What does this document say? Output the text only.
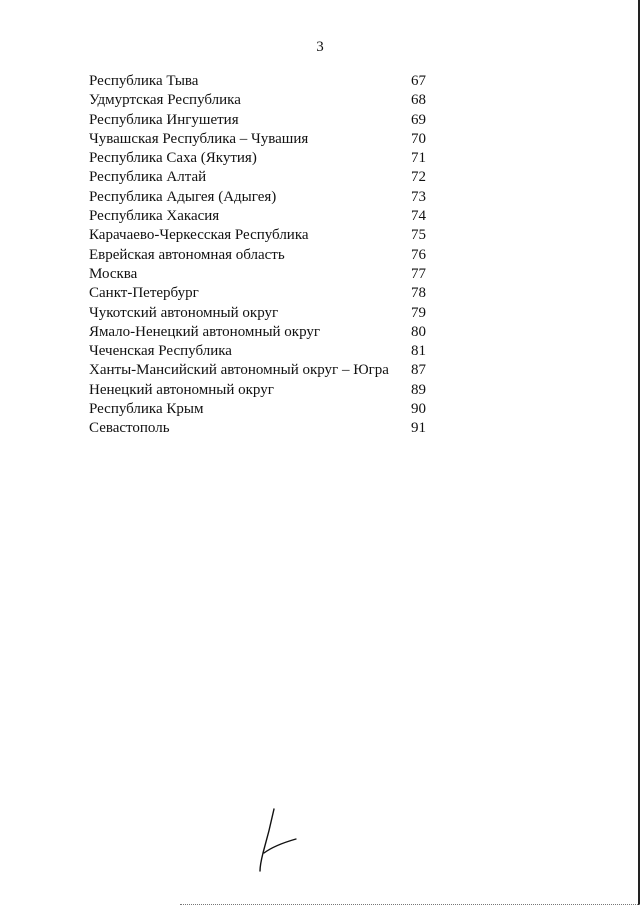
3
Республика Тыва	67
Удмуртская Республика	68
Республика Ингушетия	69
Чувашская Республика – Чувашия	70
Республика Саха (Якутия)	71
Республика Алтай	72
Республика Адыгея (Адыгея)	73
Республика Хакасия	74
Карачаево-Черкесская Республика	75
Еврейская автономная область	76
Москва	77
Санкт-Петербург	78
Чукотский автономный округ	79
Ямало-Ненецкий автономный округ	80
Чеченская Республика	81
Ханты-Мансийский автономный округ – Югра 87
Ненецкий автономный округ	89
Республика Крым	90
Севастополь	91
